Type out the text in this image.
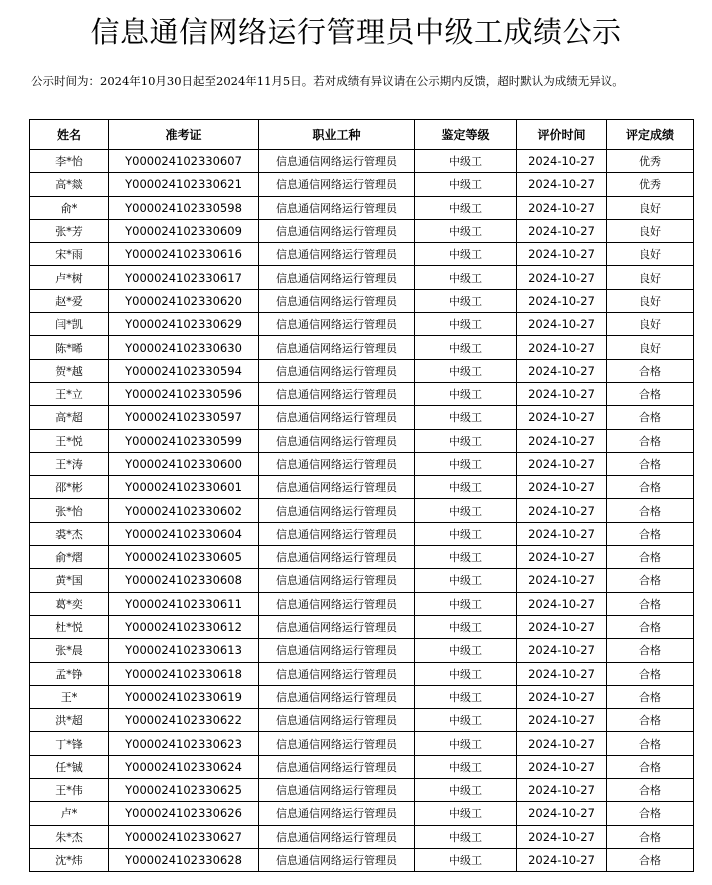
信息通信网络运行管理员中级工成绩公示
公示时间为：2024年10月30日起至2024年11月5日。若对成绩有异议请在公示期内反馈，超时默认为成绩无异议。
姓名	准考证	职业工种	鉴定等级	评价时间	评定成绩
李*怡	Y000024102330607	信息通信网络运行管理员	中级工	2024-10-27	优秀
高*燚	Y000024102330621	信息通信网络运行管理员	中级工	2024-10-27	优秀
俞*	Y000024102330598	信息通信网络运行管理员	中级工	2024-10-27	良好
张*芳	Y000024102330609	信息通信网络运行管理员	中级工	2024-10-27	良好
宋*雨	Y000024102330616	信息通信网络运行管理员	中级工	2024-10-27	良好
卢*树	Y000024102330617	信息通信网络运行管理员	中级工	2024-10-27	良好
赵*爱	Y000024102330620	信息通信网络运行管理员	中级工	2024-10-27	良好
闫*凯	Y000024102330629	信息通信网络运行管理员	中级工	2024-10-27	良好
陈*晞	Y000024102330630	信息通信网络运行管理员	中级工	2024-10-27	良好
贺*越	Y000024102330594	信息通信网络运行管理员	中级工	2024-10-27	合格
王*立	Y000024102330596	信息通信网络运行管理员	中级工	2024-10-27	合格
高*超	Y000024102330597	信息通信网络运行管理员	中级工	2024-10-27	合格
王*悦	Y000024102330599	信息通信网络运行管理员	中级工	2024-10-27	合格
王*涛	Y000024102330600	信息通信网络运行管理员	中级工	2024-10-27	合格
邵*彬	Y000024102330601	信息通信网络运行管理员	中级工	2024-10-27	合格
张*怡	Y000024102330602	信息通信网络运行管理员	中级工	2024-10-27	合格
裘*杰	Y000024102330604	信息通信网络运行管理员	中级工	2024-10-27	合格
俞*熠	Y000024102330605	信息通信网络运行管理员	中级工	2024-10-27	合格
黄*国	Y000024102330608	信息通信网络运行管理员	中级工	2024-10-27	合格
葛*奕	Y000024102330611	信息通信网络运行管理员	中级工	2024-10-27	合格
杜*悦	Y000024102330612	信息通信网络运行管理员	中级工	2024-10-27	合格
张*晨	Y000024102330613	信息通信网络运行管理员	中级工	2024-10-27	合格
孟*铮	Y000024102330618	信息通信网络运行管理员	中级工	2024-10-27	合格
王*	Y000024102330619	信息通信网络运行管理员	中级工	2024-10-27	合格
洪*超	Y000024102330622	信息通信网络运行管理员	中级工	2024-10-27	合格
丁*锋	Y000024102330623	信息通信网络运行管理员	中级工	2024-10-27	合格
任*铖	Y000024102330624	信息通信网络运行管理员	中级工	2024-10-27	合格
王*伟	Y000024102330625	信息通信网络运行管理员	中级工	2024-10-27	合格
卢*	Y000024102330626	信息通信网络运行管理员	中级工	2024-10-27	合格
朱*杰	Y000024102330627	信息通信网络运行管理员	中级工	2024-10-27	合格
沈*炜	Y000024102330628	信息通信网络运行管理员	中级工	2024-10-27	合格
